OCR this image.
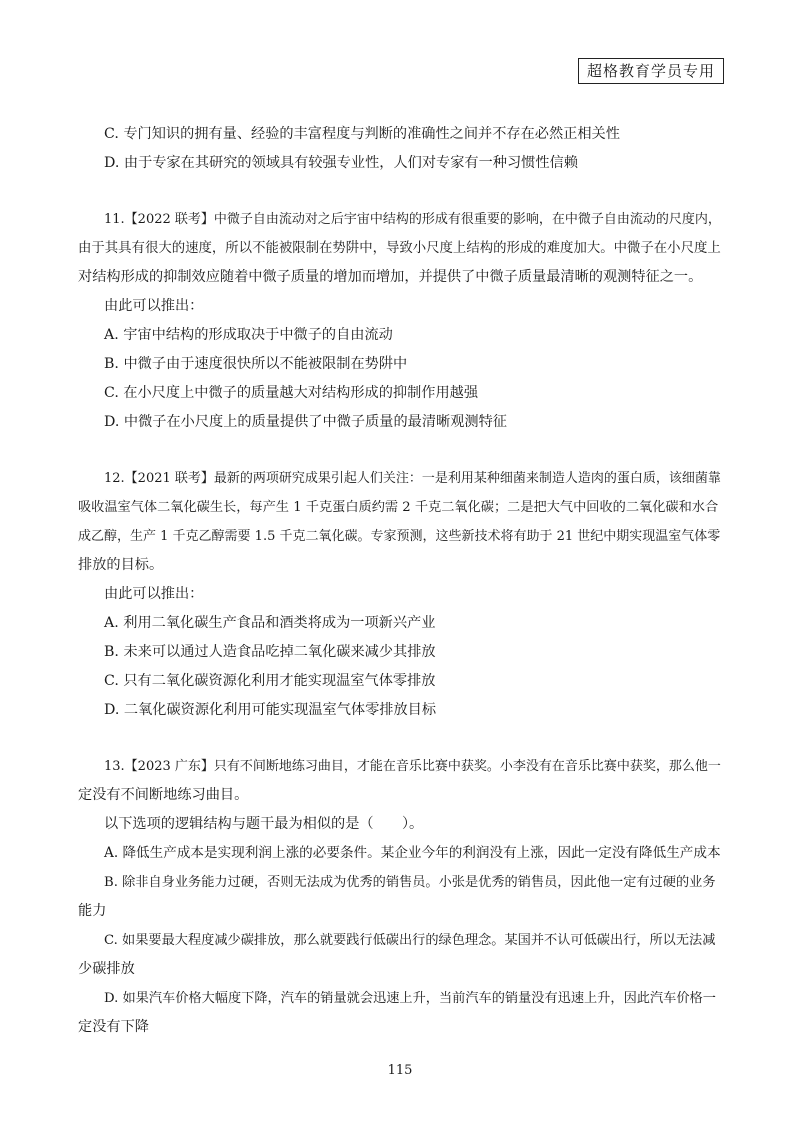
超格教育学员专用
C. 专门知识的拥有量、经验的丰富程度与判断的准确性之间并不存在必然正相关性
D. 由于专家在其研究的领域具有较强专业性，人们对专家有一种习惯性信赖
11.【2022 联考】中微子自由流动对之后宇宙中结构的形成有很重要的影响，在中微子自由流动的尺度内，
由于其具有很大的速度，所以不能被限制在势阱中，导致小尺度上结构的形成的难度加大。中微子在小尺度上
对结构形成的抑制效应随着中微子质量的增加而增加，并提供了中微子质量最清晰的观测特征之一。
由此可以推出：
A. 宇宙中结构的形成取决于中微子的自由流动
B. 中微子由于速度很快所以不能被限制在势阱中
C. 在小尺度上中微子的质量越大对结构形成的抑制作用越强
D. 中微子在小尺度上的质量提供了中微子质量的最清晰观测特征
12.【2021 联考】最新的两项研究成果引起人们关注：一是利用某种细菌来制造人造肉的蛋白质，该细菌靠
吸收温室气体二氧化碳生长，每产生 1 千克蛋白质约需 2 千克二氧化碳；二是把大气中回收的二氧化碳和水合
成乙醇，生产 1 千克乙醇需要 1.5 千克二氧化碳。专家预测，这些新技术将有助于 21 世纪中期实现温室气体零
排放的目标。
由此可以推出：
A. 利用二氧化碳生产食品和酒类将成为一项新兴产业
B. 未来可以通过人造食品吃掉二氧化碳来减少其排放
C. 只有二氧化碳资源化利用才能实现温室气体零排放
D. 二氧化碳资源化利用可能实现温室气体零排放目标
13.【2023 广东】只有不间断地练习曲目，才能在音乐比赛中获奖。小李没有在音乐比赛中获奖，那么他一
定没有不间断地练习曲目。
以下选项的逻辑结构与题干最为相似的是（　　）。
A. 降低生产成本是实现利润上涨的必要条件。某企业今年的利润没有上涨，因此一定没有降低生产成本
B. 除非自身业务能力过硬，否则无法成为优秀的销售员。小张是优秀的销售员，因此他一定有过硬的业务
能力
C. 如果要最大程度减少碳排放，那么就要践行低碳出行的绿色理念。某国并不认可低碳出行，所以无法减
少碳排放
D. 如果汽车价格大幅度下降，汽车的销量就会迅速上升，当前汽车的销量没有迅速上升，因此汽车价格一
定没有下降
115
